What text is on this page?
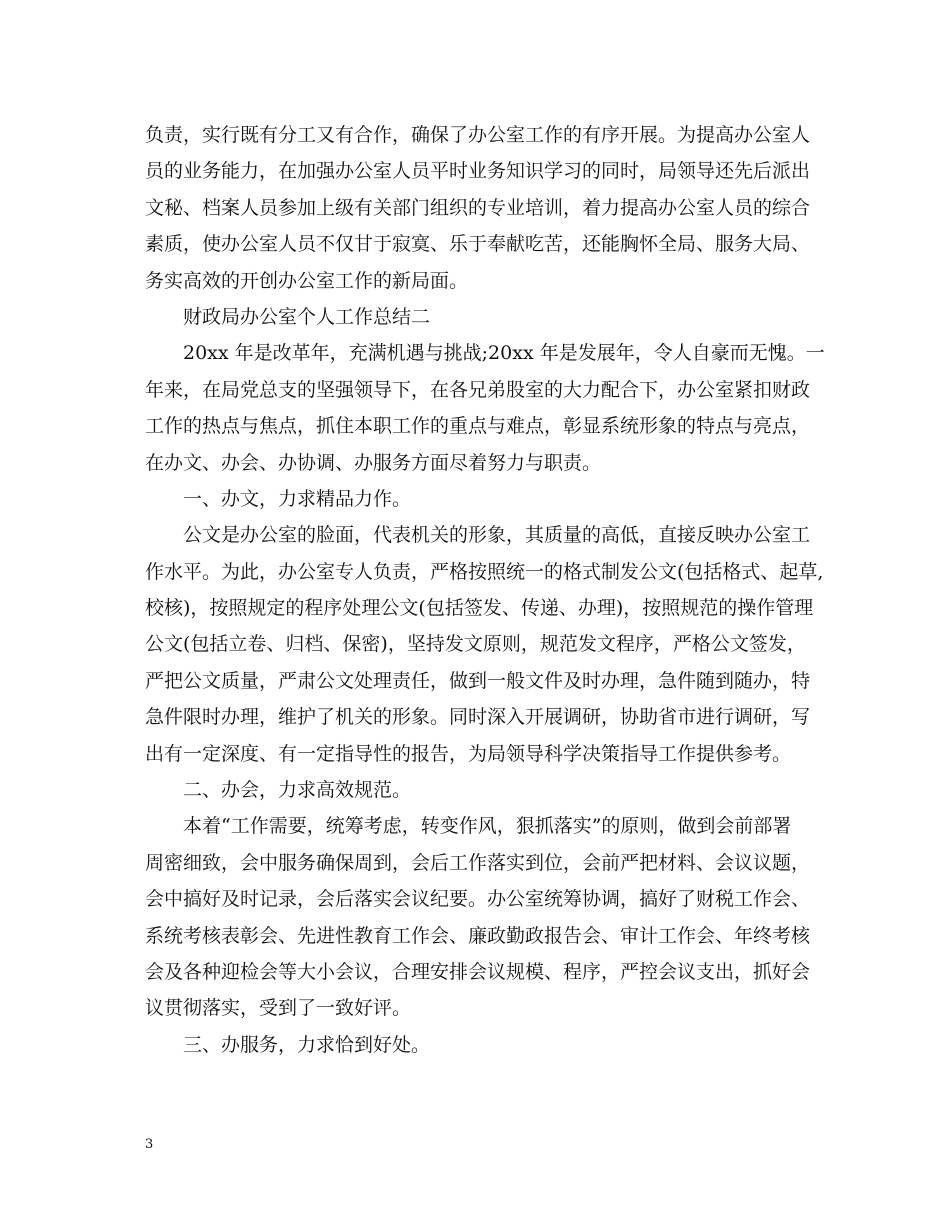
负责，实行既有分工又有合作，确保了办公室工作的有序开展。为提高办公室人
员的业务能力，在加强办公室人员平时业务知识学习的同时，局领导还先后派出
文秘、档案人员参加上级有关部门组织的专业培训，着力提高办公室人员的综合
素质，使办公室人员不仅甘于寂寞、乐于奉献吃苦，还能胸怀全局、服务大局、
务实高效的开创办公室工作的新局面。
财政局办公室个人工作总结二
20xx 年是改革年，充满机遇与挑战;20xx 年是发展年，令人自豪而无愧。一
年来，在局党总支的坚强领导下，在各兄弟股室的大力配合下，办公室紧扣财政
工作的热点与焦点，抓住本职工作的重点与难点，彰显系统形象的特点与亮点，
在办文、办会、办协调、办服务方面尽着努力与职责。
一、办文，力求精品力作。
公文是办公室的脸面，代表机关的形象，其质量的高低，直接反映办公室工
作水平。为此，办公室专人负责，严格按照统一的格式制发公文(包括格式、起草,
校核)，按照规定的程序处理公文(包括签发、传递、办理)，按照规范的操作管理
公文(包括立卷、归档、保密)，坚持发文原则，规范发文程序，严格公文签发，
严把公文质量，严肃公文处理责任，做到一般文件及时办理，急件随到随办，特
急件限时办理，维护了机关的形象。同时深入开展调研，协助省市进行调研，写
出有一定深度、有一定指导性的报告，为局领导科学决策指导工作提供参考。
二、办会，力求高效规范。
本着“工作需要，统筹考虑，转变作风，狠抓落实”的原则，做到会前部署
周密细致，会中服务确保周到，会后工作落实到位，会前严把材料、会议议题，
会中搞好及时记录，会后落实会议纪要。办公室统筹协调，搞好了财税工作会、
系统考核表彰会、先进性教育工作会、廉政勤政报告会、审计工作会、年终考核
会及各种迎检会等大小会议，合理安排会议规模、程序，严控会议支出，抓好会
议贯彻落实，受到了一致好评。
三、办服务，力求恰到好处。
3
